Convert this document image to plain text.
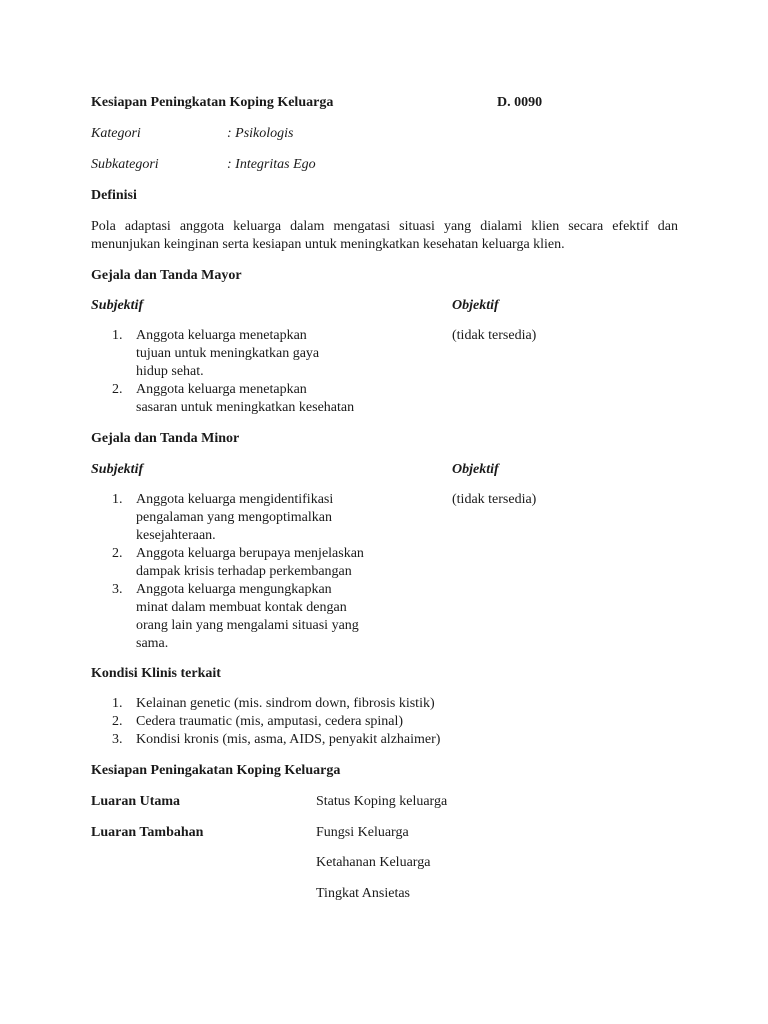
Kesiapan Peningkatan Koping Keluarga	D. 0090
Kategori	: Psikologis
Subkategori	: Integritas Ego
Definisi
Pola adaptasi anggota keluarga dalam mengatasi situasi yang dialami klien secara efektif dan
menunjukan keinginan serta kesiapan untuk meningkatkan kesehatan keluarga klien.
Gejala dan Tanda Mayor
Subjektif	Objektif
(tidak tersedia)
1. Anggota keluarga menetapkan
tujuan untuk meningkatkan gaya
hidup sehat.
2. Anggota keluarga menetapkan
sasaran untuk meningkatkan kesehatan
Gejala dan Tanda Minor
Subjektif	Objektif
(tidak tersedia)
1. Anggota keluarga mengidentifikasi
pengalaman yang mengoptimalkan
kesejahteraan.
2. Anggota keluarga berupaya menjelaskan
dampak krisis terhadap perkembangan
3. Anggota keluarga mengungkapkan
minat dalam membuat kontak dengan
orang lain yang mengalami situasi yang
sama.
Kondisi Klinis terkait
1. Kelainan genetic (mis. sindrom down, fibrosis kistik)
2. Cedera traumatic (mis, amputasi, cedera spinal)
3. Kondisi kronis (mis, asma, AIDS, penyakit alzhaimer)
Kesiapan Peningakatan Koping Keluarga
Luaran Utama	Status Koping keluarga
Luaran Tambahan	Fungsi Keluarga
Ketahanan Keluarga
Tingkat Ansietas
